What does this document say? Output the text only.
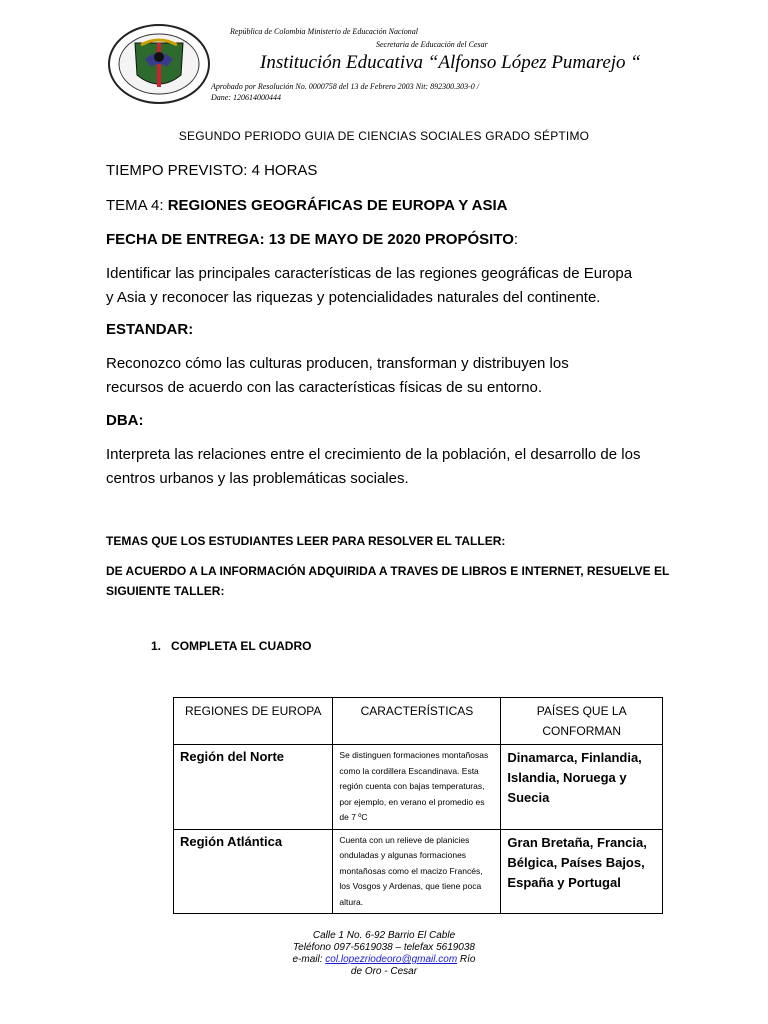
República de Colombia Ministerio de Educación Nacional
Secretaria de Educación del Cesar
Institución Educativa “Alfonso López Pumarejo “
Aprobado por Resolución No. 0000758 del 13 de Febrero 2003 Nit: 892300.303-0 /
Dane: 120614000444
SEGUNDO PERIODO GUIA DE CIENCIAS SOCIALES GRADO SÉPTIMO
TIEMPO PREVISTO: 4 HORAS
TEMA 4: REGIONES GEOGRÁFICAS DE EUROPA Y ASIA
FECHA DE ENTREGA: 13 DE MAYO DE 2020 PROPÓSITO:
Identificar las principales características de las regiones geográficas de Europa
y Asia y reconocer las riquezas y potencialidades naturales del continente.
ESTANDAR:
Reconozco cómo las culturas producen, transforman y distribuyen los
recursos de acuerdo con las características físicas de su entorno.
DBA:
Interpreta las relaciones entre el crecimiento de la población, el desarrollo de los
centros urbanos y las problemáticas sociales.
TEMAS QUE LOS ESTUDIANTES LEER PARA RESOLVER EL TALLER:
DE ACUERDO A LA INFORMACIÓN ADQUIRIDA A TRAVES DE LIBROS E INTERNET, RESUELVE EL
SIGUIENTE TALLER:
1. COMPLETA EL CUADRO
REGIONES DE EUROPA	CARACTERÍSTICAS	PAÍSES QUE LA CONFORMAN
Región del Norte	Se distinguen formaciones montañosas como la cordillera Escandinava. Esta región cuenta con bajas temperaturas, por ejemplo, en verano el promedio es de 7 ºC	Dinamarca, Finlandia, Islandia, Noruega y Suecia
Región Atlántica	Cuenta con un relieve de planicies onduladas y algunas formaciones montañosas como el macizo Francés, los Vosgos y Ardenas, que tiene poca altura.	Gran Bretaña, Francia, Bélgica, Países Bajos, España y Portugal
Calle 1 No. 6-92 Barrio El Cable
Teléfono 097-5619038 – telefax 5619038
e-mail: col.lopezriodeoro@gmail.com Río
de Oro - Cesar
